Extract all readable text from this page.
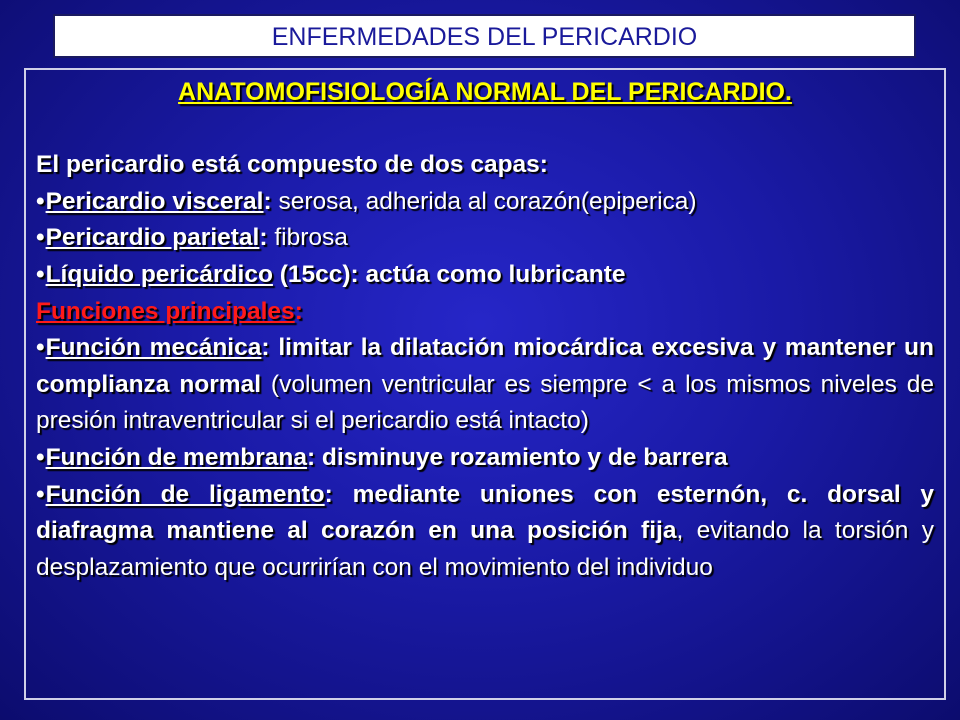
ENFERMEDADES DEL PERICARDIO
ANATOMOFISIOLOGÍA NORMAL DEL PERICARDIO.
El pericardio está compuesto de dos capas:
•Pericardio visceral: serosa, adherida al corazón(epiperica)
•Pericardio parietal: fibrosa
•Líquido pericárdico (15cc): actúa como lubricante
Funciones principales:
•Función mecánica: limitar la dilatación miocárdica excesiva y mantener un complianza normal (volumen ventricular es siempre < a los mismos niveles de presión intraventricular si el pericardio está intacto)
•Función de membrana: disminuye rozamiento y de barrera
•Función de ligamento: mediante uniones con esternón, c. dorsal y diafragma mantiene al corazón en una posición fija, evitando la torsión y desplazamiento que ocurrirían con el movimiento del individuo
